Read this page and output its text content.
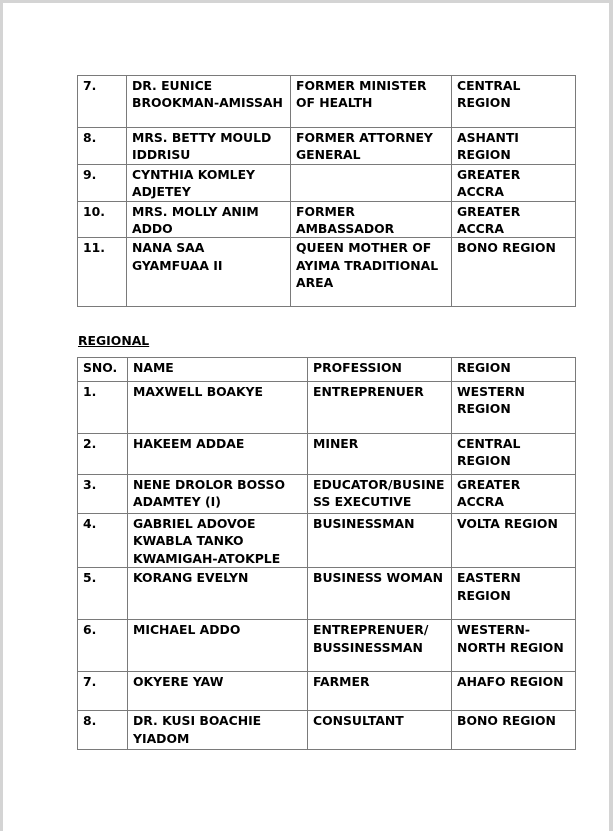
7.	DR. EUNICE BROOKMAN-AMISSAH	FORMER MINISTER OF HEALTH	CENTRAL REGION
8.	MRS. BETTY MOULD IDDRISU	FORMER ATTORNEY GENERAL	ASHANTI REGION
9.	CYNTHIA KOMLEY ADJETEY		GREATER ACCRA
10.	MRS. MOLLY ANIM ADDO	FORMER AMBASSADOR	GREATER ACCRA
11.	NANA SAA GYAMFUAA II	QUEEN MOTHER OF AYIMA TRADITIONAL AREA	BONO REGION
REGIONAL
SNO.	NAME	PROFESSION	REGION
1.	MAXWELL BOAKYE	ENTREPRENUER	WESTERN REGION
2.	HAKEEM ADDAE	MINER	CENTRAL REGION
3.	NENE DROLOR BOSSO ADAMTEY (I)	EDUCATOR/BUSINESS EXECUTIVE	GREATER ACCRA
4.	GABRIEL ADOVOE KWABLA TANKO KWAMIGAH-ATOKPLE	BUSINESSMAN	VOLTA REGION
5.	KORANG EVELYN	BUSINESS WOMAN	EASTERN REGION
6.	MICHAEL ADDO	ENTREPRENUER/ BUSSINESSMAN	WESTERN-NORTH REGION
7.	OKYERE YAW	FARMER	AHAFO REGION
8.	DR. KUSI BOACHIE YIADOM	CONSULTANT	BONO REGION
